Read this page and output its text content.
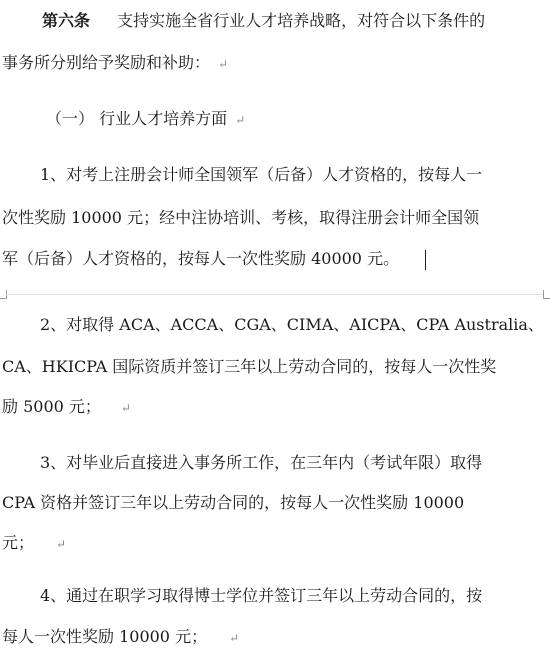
第六条 支持实施全省行业人才培养战略，对符合以下条件的
事务所分别给予奖励和补助： ↵
（一） 行业人才培养方面 ↵
1、对考上注册会计师全国领军（后备）人才资格的，按每人一
次性奖励 10000 元；经中注协培训、考核，取得注册会计师全国领
军（后备）人才资格的，按每人一次性奖励 40000 元。
2、对取得 ACA、ACCA、CGA、CIMA、AICPA、CPA Australia、
CA、HKICPA 国际资质并签订三年以上劳动合同的，按每人一次性奖
励 5000 元； ↵
3、对毕业后直接进入事务所工作，在三年内（考试年限）取得
CPA 资格并签订三年以上劳动合同的，按每人一次性奖励 10000
元； ↵
4、通过在职学习取得博士学位并签订三年以上劳动合同的，按
每人一次性奖励 10000 元； ↵
